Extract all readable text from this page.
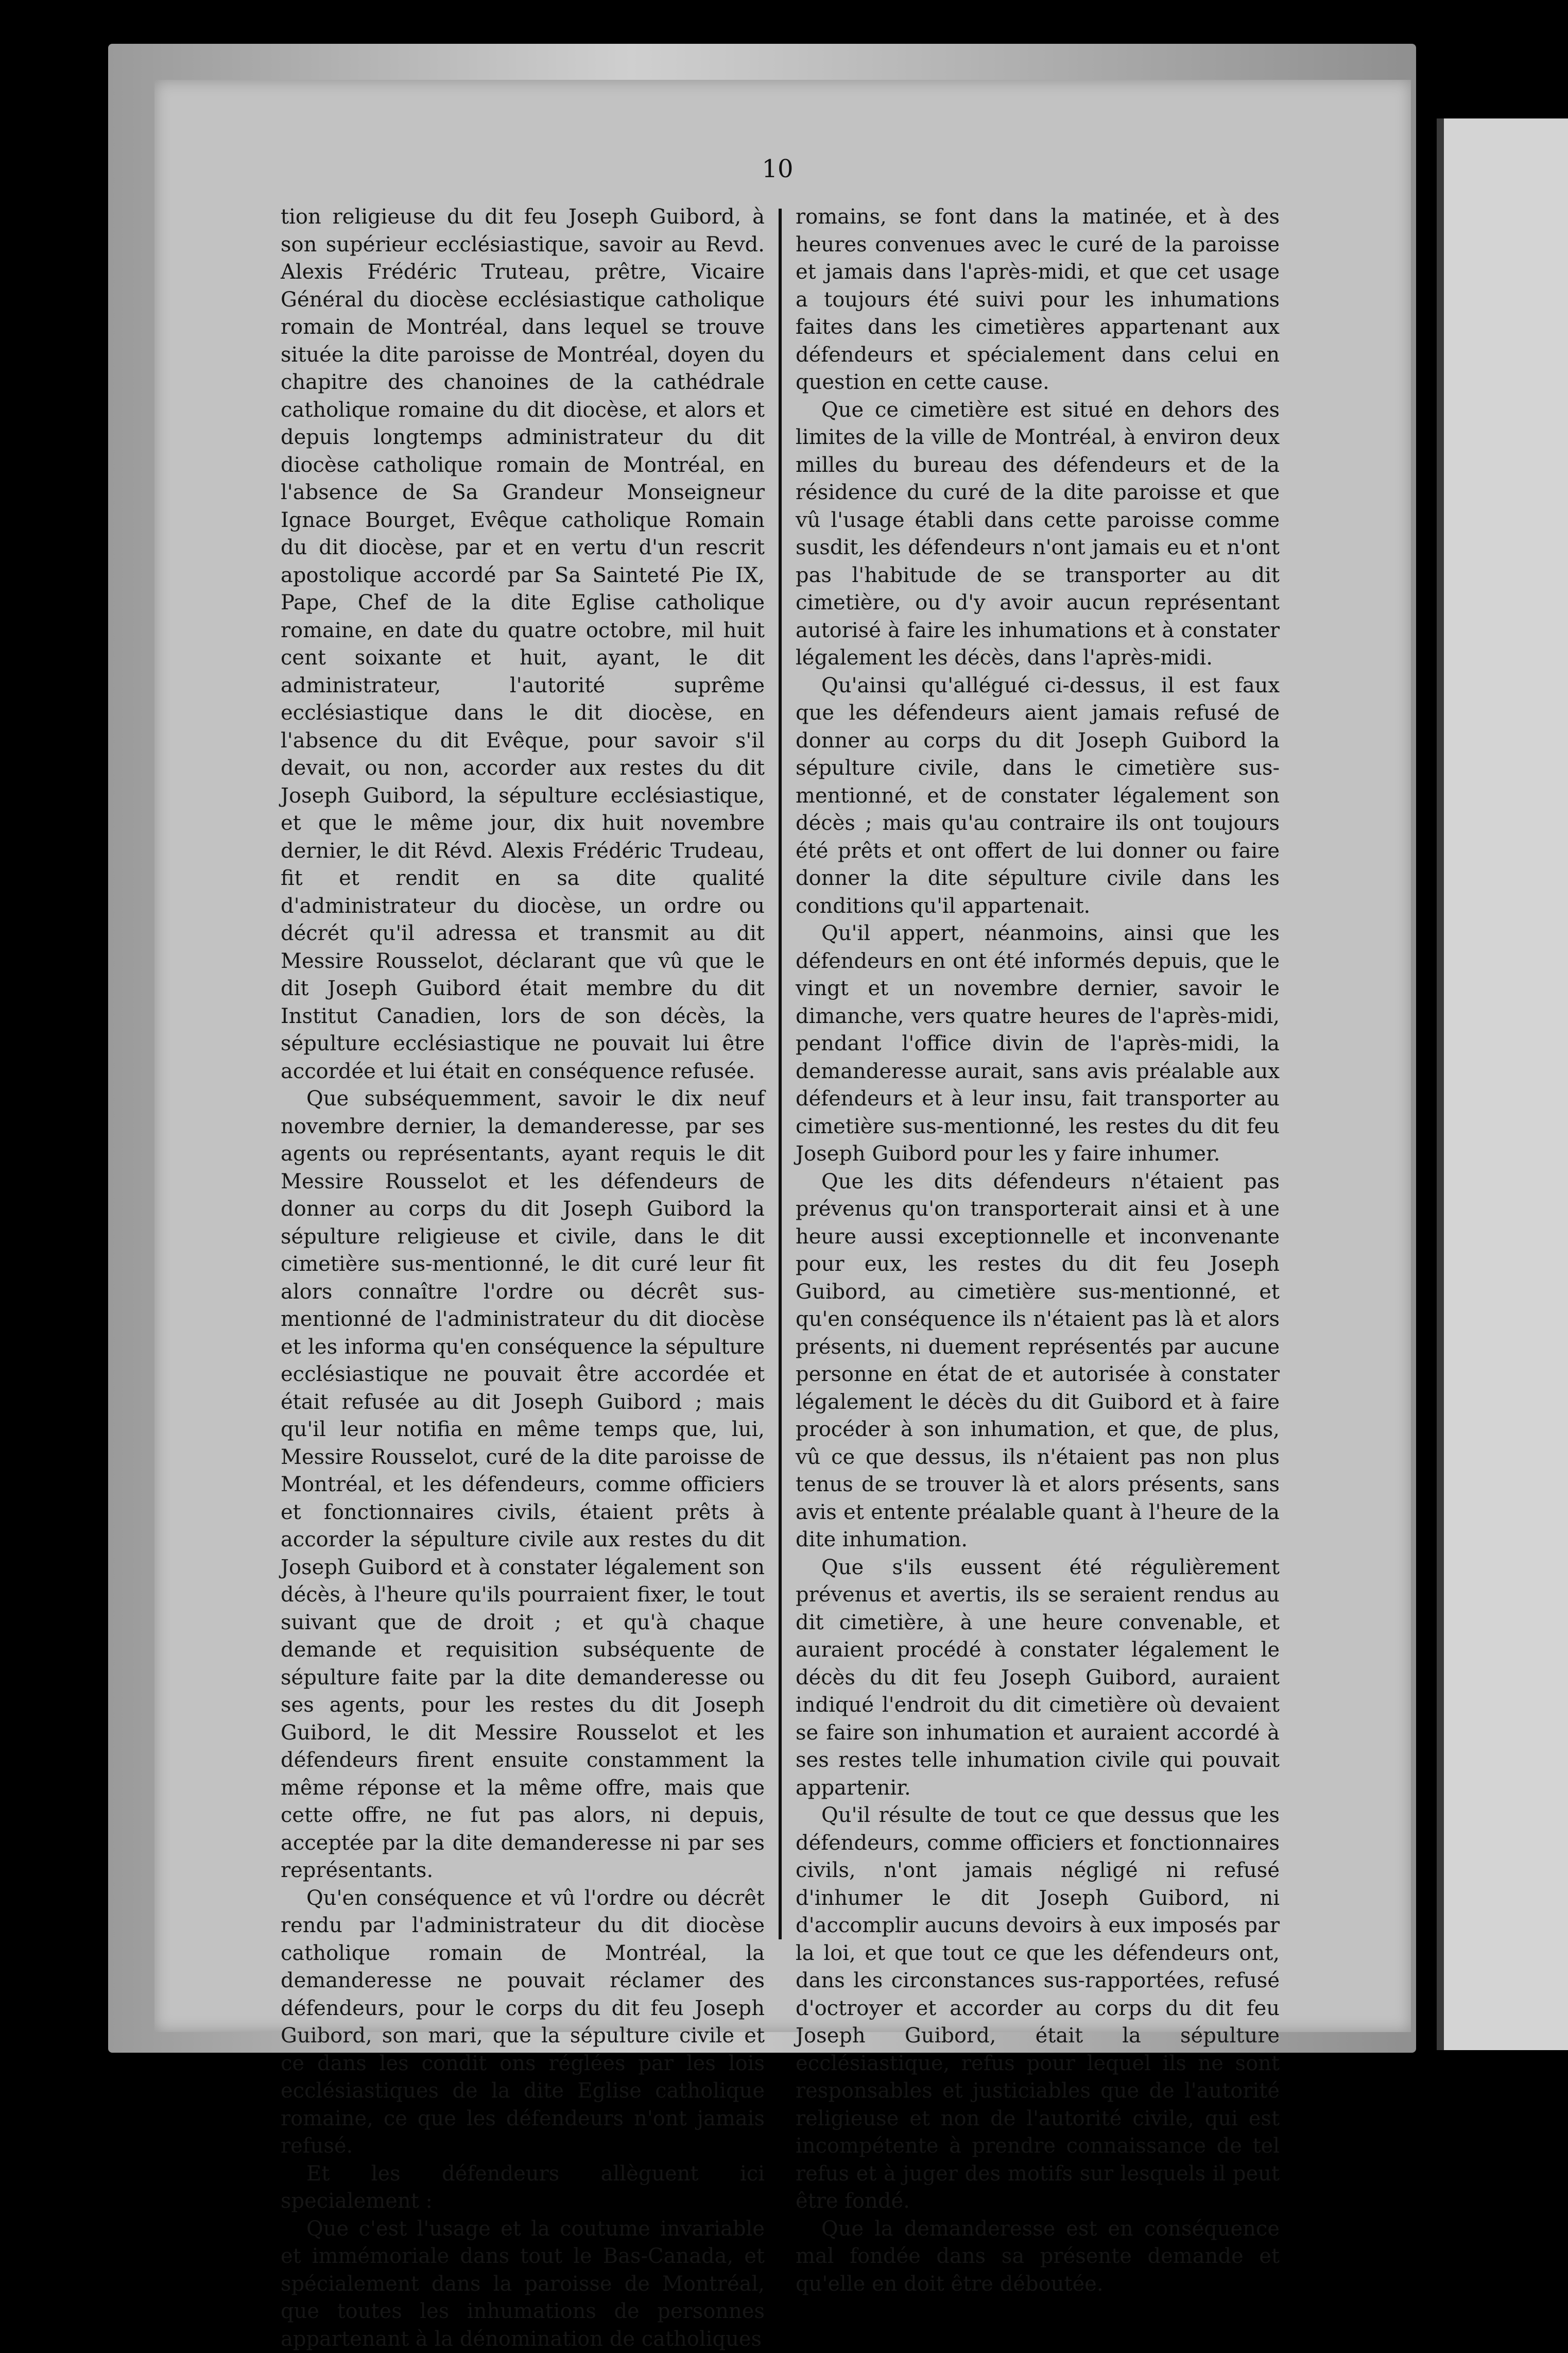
10

tion religieuse du dit feu Joseph Guibord, à son supérieur ecclésiastique, savoir au Revd. Alexis Frédéric Truteau, prêtre, Vicaire Général du diocèse ecclésiastique catholique romain de Montréal, dans lequel se trouve située la dite paroisse de Montréal, doyen du chapitre des chanoines de la cathédrale catholique romaine du dit diocèse, et alors et depuis longtemps administrateur du dit diocèse catholique romain de Montréal, en l'absence de Sa Grandeur Monseigneur Ignace Bourget, Evêque catholique Romain du dit diocèse, par et en vertu d'un rescrit apostolique accordé par Sa Sainteté Pie IX, Pape, Chef de la dite Eglise catholique romaine, en date du quatre octobre, mil huit cent soixante et huit, ayant, le dit administrateur, l'autorité suprême ecclésiastique dans le dit diocèse, en l'absence du dit Evêque, pour savoir s'il devait, ou non, accorder aux restes du dit Joseph Guibord, la sépulture ecclésiastique, et que le même jour, dix huit novembre dernier, le dit Révd. Alexis Frédéric Trudeau, fit et rendit en sa dite qualité d'administrateur du diocèse, un ordre ou décrét qu'il adressa et transmit au dit Messire Rousselot, déclarant que vû que le dit Joseph Guibord était membre du dit Institut Canadien, lors de son décès, la sépulture ecclésiastique ne pouvait lui être accordée et lui était en conséquence refusée.

Que subséquemment, savoir le dix neuf novembre dernier, la demanderesse, par ses agents ou représentants, ayant requis le dit Messire Rousselot et les défendeurs de donner au corps du dit Joseph Guibord la sépulture religieuse et civile, dans le dit cimetière sus-mentionné, le dit curé leur fit alors connaître l'ordre ou décrêt sus-mentionné de l'administrateur du dit diocèse et les informa qu'en conséquence la sépulture ecclésiastique ne pouvait être accordée et était refusée au dit Joseph Guibord ; mais qu'il leur notifia en même temps que, lui, Messire Rousselot, curé de la dite paroisse de Montréal, et les défendeurs, comme officiers et fonctionnaires civils, étaient prêts à accorder la sépulture civile aux restes du dit Joseph Guibord et à constater légalement son décès, à l'heure qu'ils pourraient fixer, le tout suivant que de droit ; et qu'à chaque demande et requisition subséquente de sépulture faite par la dite demanderesse ou ses agents, pour les restes du dit Joseph Guibord, le dit Messire Rousselot et les défendeurs firent ensuite constamment la même réponse et la même offre, mais que cette offre, ne fut pas alors, ni depuis, acceptée par la dite demanderesse ni par ses représentants.

Qu'en conséquence et vû l'ordre ou décrêt rendu par l'administrateur du dit diocèse catholique romain de Montréal, la demanderesse ne pouvait réclamer des défendeurs, pour le corps du dit feu Joseph Guibord, son mari, que la sépulture civile et ce dans les condit ons réglées par les lois ecclésiastiques de la dite Eglise catholique romaine, ce que les défendeurs n'ont jamais refusé.

Et les défendeurs allèguent ici specialement :

Que c'est l'usage et la coutume invariable et immémoriale dans tout le Bas-Canada, et spécialement dans la paroisse de Montréal, que toutes les inhumations de personnes appartenant à la dénomination de catholiques

romains, se font dans la matinée, et à des heures convenues avec le curé de la paroisse et jamais dans l'après-midi, et que cet usage a toujours été suivi pour les inhumations faites dans les cimetières appartenant aux défendeurs et spécialement dans celui en question en cette cause.

Que ce cimetière est situé en dehors des limites de la ville de Montréal, à environ deux milles du bureau des défendeurs et de la résidence du curé de la dite paroisse et que vû l'usage établi dans cette paroisse comme susdit, les défendeurs n'ont jamais eu et n'ont pas l'habitude de se transporter au dit cimetière, ou d'y avoir aucun représentant autorisé à faire les inhumations et à constater légalement les décès, dans l'après-midi.

Qu'ainsi qu'allégué ci-dessus, il est faux que les défendeurs aient jamais refusé de donner au corps du dit Joseph Guibord la sépulture civile, dans le cimetière sus-mentionné, et de constater légalement son décès ; mais qu'au contraire ils ont toujours été prêts et ont offert de lui donner ou faire donner la dite sépulture civile dans les conditions qu'il appartenait.

Qu'il appert, néanmoins, ainsi que les défendeurs en ont été informés depuis, que le vingt et un novembre dernier, savoir le dimanche, vers quatre heures de l'après-midi, pendant l'office divin de l'après-midi, la demanderesse aurait, sans avis préalable aux défendeurs et à leur insu, fait transporter au cimetière sus-mentionné, les restes du dit feu Joseph Guibord pour les y faire inhumer.

Que les dits défendeurs n'étaient pas prévenus qu'on transporterait ainsi et à une heure aussi exceptionnelle et inconvenante pour eux, les restes du dit feu Joseph Guibord, au cimetière sus-mentionné, et qu'en conséquence ils n'étaient pas là et alors présents, ni duement représentés par aucune personne en état de et autorisée à constater légalement le décès du dit Guibord et à faire procéder à son inhumation, et que, de plus, vû ce que dessus, ils n'étaient pas non plus tenus de se trouver là et alors présents, sans avis et entente préalable quant à l'heure de la dite inhumation.

Que s'ils eussent été régulièrement prévenus et avertis, ils se seraient rendus au dit cimetière, à une heure convenable, et auraient procédé à constater légalement le décès du dit feu Joseph Guibord, auraient indiqué l'endroit du dit cimetière où devaient se faire son inhumation et auraient accordé à ses restes telle inhumation civile qui pouvait appartenir.

Qu'il résulte de tout ce que dessus que les défendeurs, comme officiers et fonctionnaires civils, n'ont jamais négligé ni refusé d'inhumer le dit Joseph Guibord, ni d'accomplir aucuns devoirs à eux imposés par la loi, et que tout ce que les défendeurs ont, dans les circonstances sus-rapportées, refusé d'octroyer et accorder au corps du dit feu Joseph Guibord, était la sépulture ecclésiastique, refus pour lequel ils ne sont responsables et justiciables que de l'autorité religieuse et non de l'autorité civile, qui est incompétente à prendre connaissance de tel refus et à juger des motifs sur lesquels il peut être fondé.

Que la demanderesse est en conséquence mal fondée dans sa présente demande et qu'elle en doit être déboutée.
